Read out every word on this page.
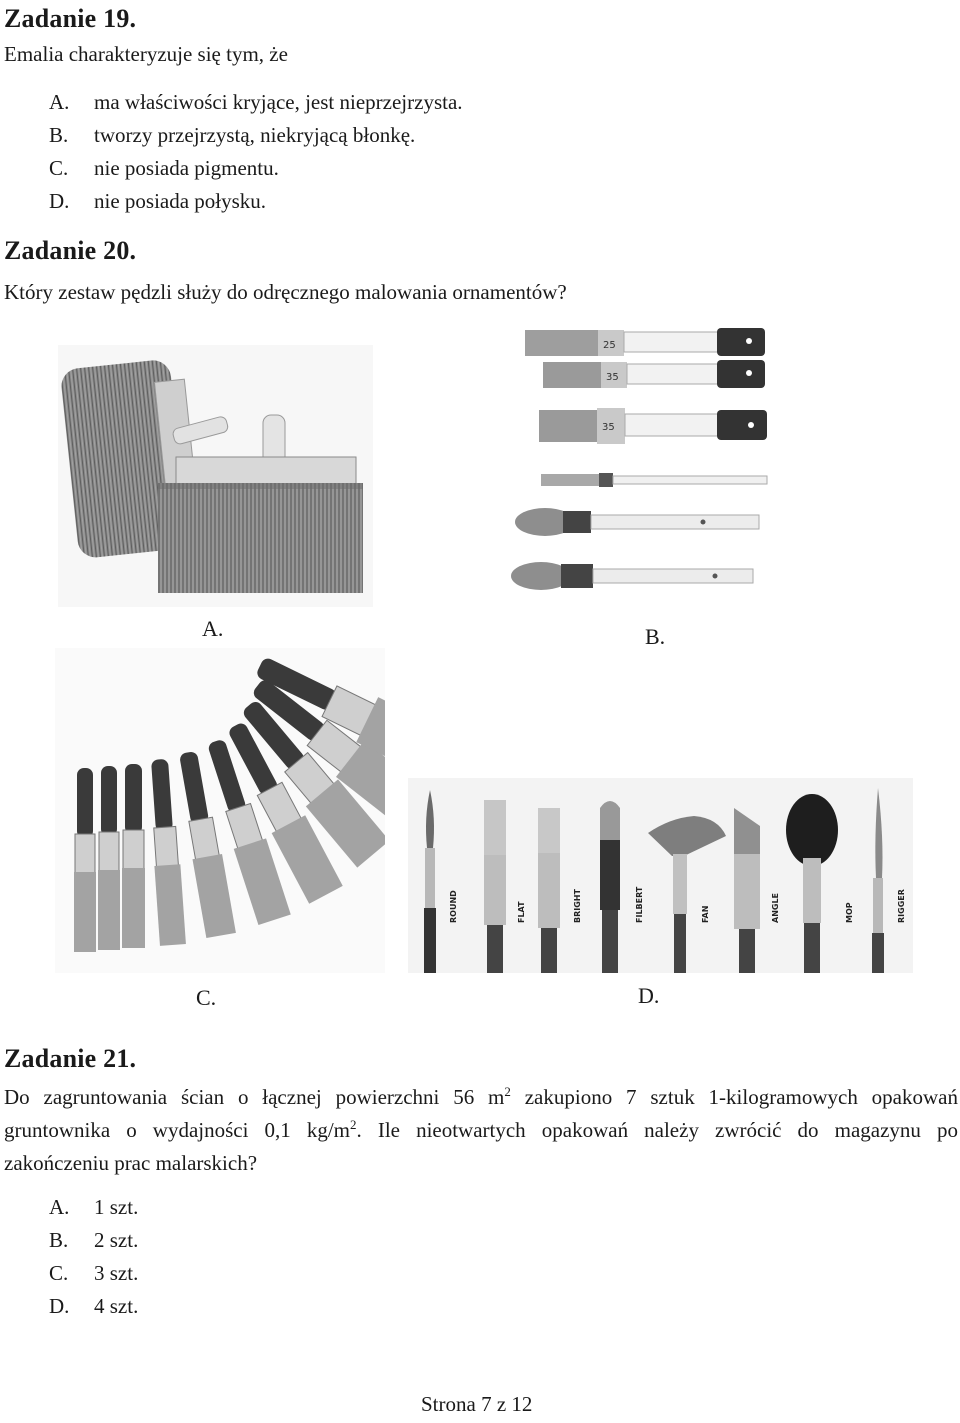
Zadanie 19.
Emalia charakteryzuje się tym, że
A. ma właściwości kryjące, jest nieprzejrzysta.
B. tworzy przejrzystą, niekryjącą błonkę.
C. nie posiada pigmentu.
D. nie posiada połysku.
Zadanie 20.
Który zestaw pędzli służy do odręcznego malowania ornamentów?
A.
25
35
35
B.
C.
ROUND	FLAT	BRIGHT	FILBERT	FAN	ANGLE	MOP	RIGGER
D.
Zadanie 21.
Do zagruntowania ścian o łącznej powierzchni 56 $m^2$ zakupiono 7 sztuk 1-kilogramowych opakowań
gruntownika o wydajności 0,1 $kg/m^2$. Ile nieotwartych opakowań należy zwrócić do magazynu po
zakończeniu prac malarskich?
A. 1 szt.
B. 2 szt.
C. 3 szt.
D. 4 szt.
Strona 7 z 12
